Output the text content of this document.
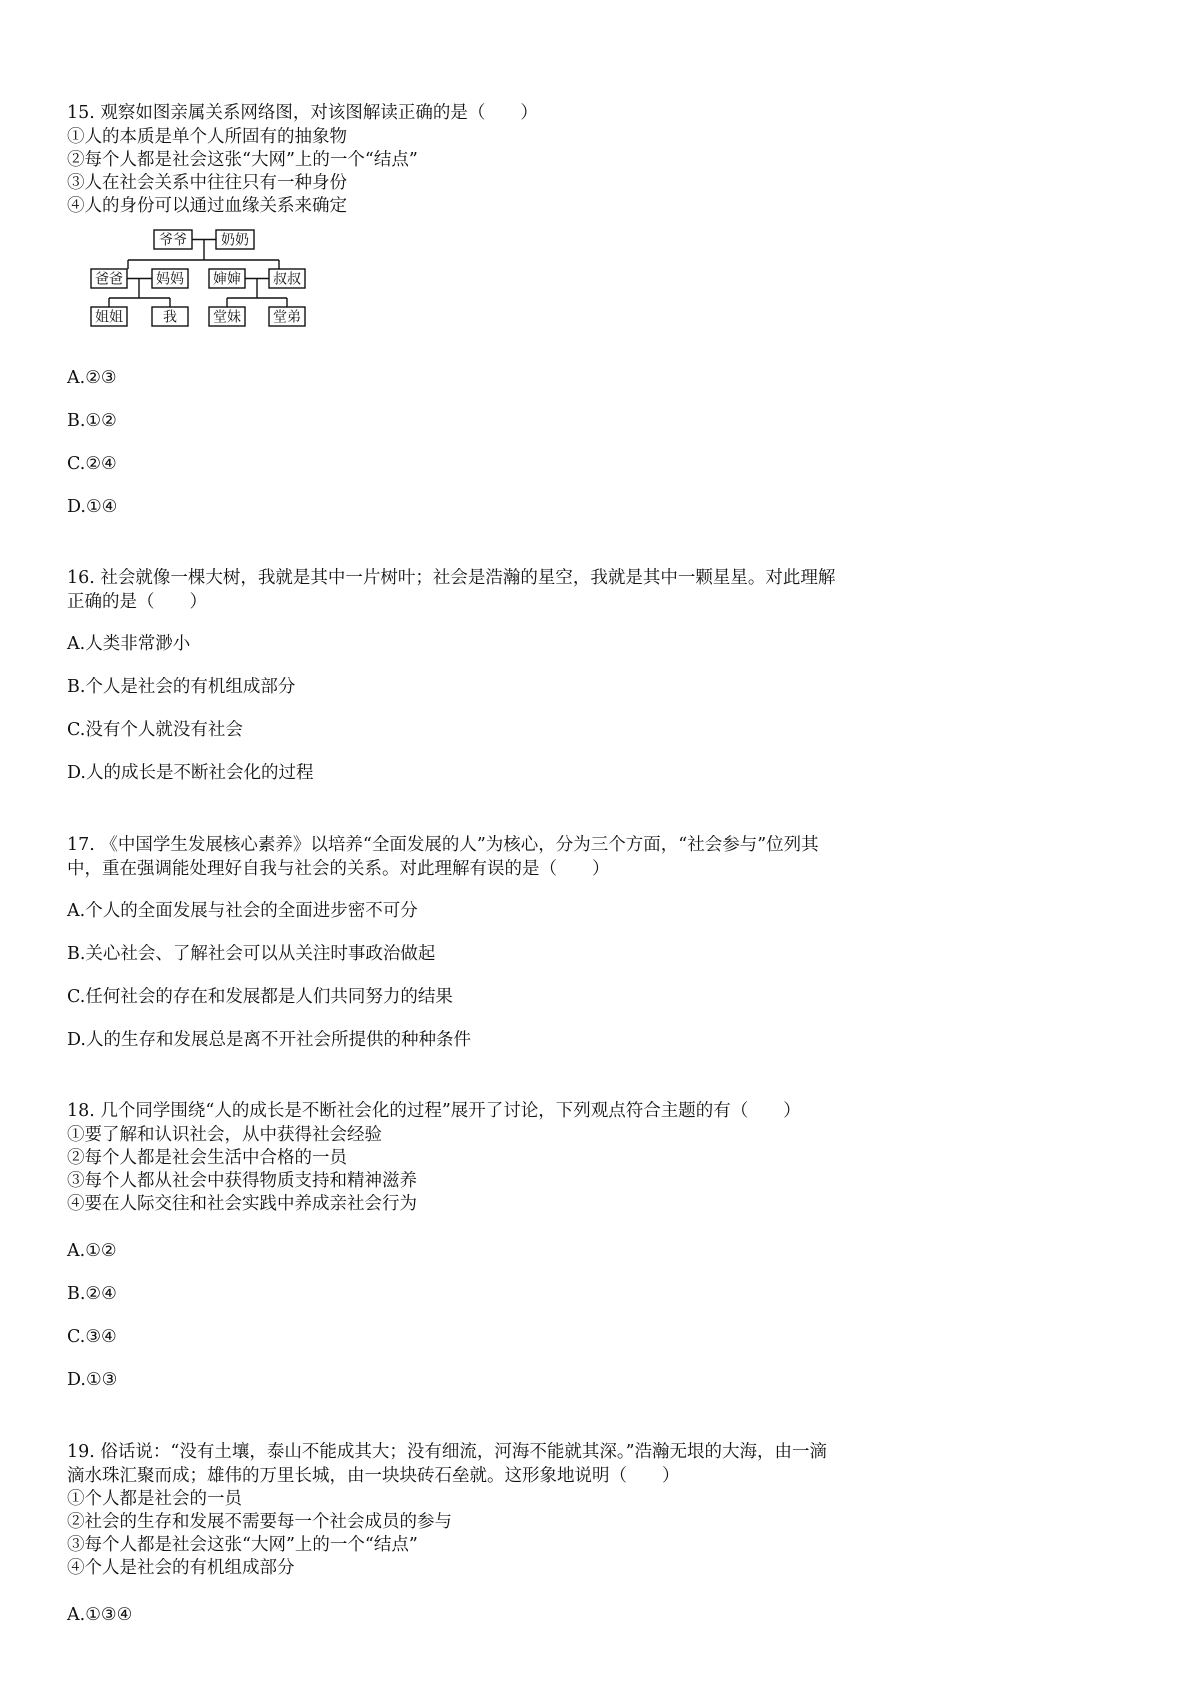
15. 观察如图亲属关系网络图，对该图解读正确的是（　　）
①人的本质是单个人所固有的抽象物
②每个人都是社会这张“大网”上的一个“结点”
③人在社会关系中往往只有一种身份
④人的身份可以通过血缘关系来确定
爷爷 奶奶
爸爸 妈妈 婶婶 叔叔
姐姐	我	堂妹 堂弟
A.②③
B.①②
C.②④
D.①④
16. 社会就像一棵大树，我就是其中一片树叶；社会是浩瀚的星空，我就是其中一颗星星。对此理解
正确的是（　　）
A.人类非常渺小
B.个人是社会的有机组成部分
C.没有个人就没有社会
D.人的成长是不断社会化的过程
17. 《中国学生发展核心素养》以培养“全面发展的人”为核心，分为三个方面，“社会参与”位列其
中，重在强调能处理好自我与社会的关系。对此理解有误的是（　　）
A.个人的全面发展与社会的全面进步密不可分
B.关心社会、了解社会可以从关注时事政治做起
C.任何社会的存在和发展都是人们共同努力的结果
D.人的生存和发展总是离不开社会所提供的种种条件
18. 几个同学围绕“人的成长是不断社会化的过程”展开了讨论，下列观点符合主题的有（　　）
①要了解和认识社会，从中获得社会经验
②每个人都是社会生活中合格的一员
③每个人都从社会中获得物质支持和精神滋养
④要在人际交往和社会实践中养成亲社会行为
A.①②
B.②④
C.③④
D.①③
19. 俗话说：“没有土壤，泰山不能成其大；没有细流，河海不能就其深。”浩瀚无垠的大海，由一滴
滴水珠汇聚而成；雄伟的万里长城，由一块块砖石垒就。这形象地说明（　　）
①个人都是社会的一员
②社会的生存和发展不需要每一个社会成员的参与
③每个人都是社会这张“大网”上的一个“结点”
④个人是社会的有机组成部分
A.①③④
